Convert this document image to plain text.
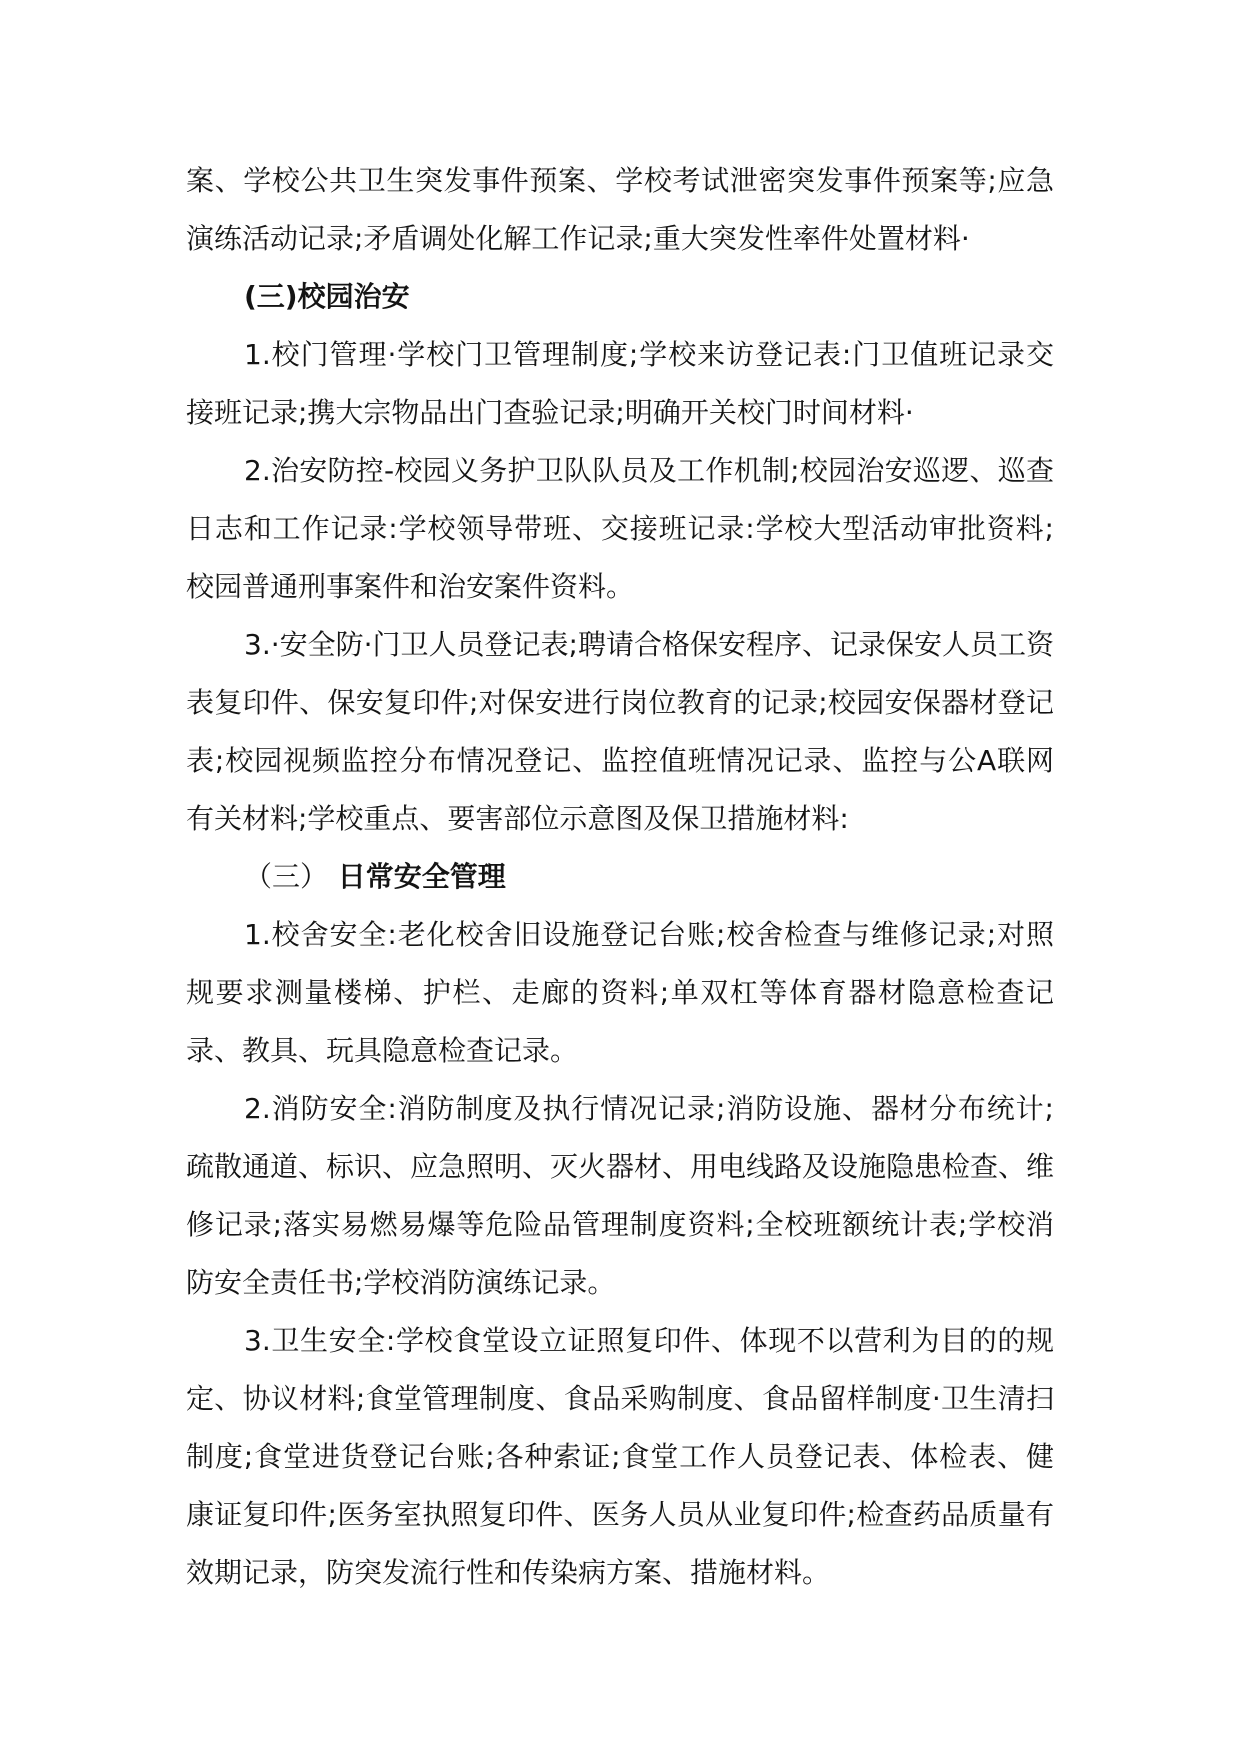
案、学校公共卫生突发事件预案、学校考试泄密突发事件预案等;应急演练活动记录;矛盾调处化解工作记录;重大突发性率件处置材料·

(三)校园治安

1.校门管理·学校门卫管理制度;学校来访登记表:门卫值班记录交接班记录;携大宗物品出门查验记录;明确开关校门时间材料·

2.治安防控-校园义务护卫队队员及工作机制;校园治安巡逻、巡查日志和工作记录:学校领导带班、交接班记录:学校大型活动审批资料;校园普通刑事案件和治安案件资料。

3.·安全防·门卫人员登记表;聘请合格保安程序、记录保安人员工资表复印件、保安复印件;对保安进行岗位教育的记录;校园安保器材登记表;校园视频监控分布情况登记、监控值班情况记录、监控与公A联网有关材料;学校重点、要害部位示意图及保卫措施材料:

（三） 日常安全管理

1.校舍安全:老化校舍旧设施登记台账;校舍检查与维修记录;对照规要求测量楼梯、护栏、走廊的资料;单双杠等体育器材隐意检查记录、教具、玩具隐意检查记录。

2.消防安全:消防制度及执行情况记录;消防设施、器材分布统计;疏散通道、标识、应急照明、灭火器材、用电线路及设施隐患检查、维修记录;落实易燃易爆等危险品管理制度资料;全校班额统计表;学校消防安全责任书;学校消防演练记录。

3.卫生安全:学校食堂设立证照复印件、体现不以营利为目的的规定、协议材料;食堂管理制度、食品采购制度、食品留样制度·卫生清扫制度;食堂进货登记台账;各种索证;食堂工作人员登记表、体检表、健康证复印件;医务室执照复印件、医务人员从业复印件;检查药品质量有效期记录，防突发流行性和传染病方案、措施材料。
